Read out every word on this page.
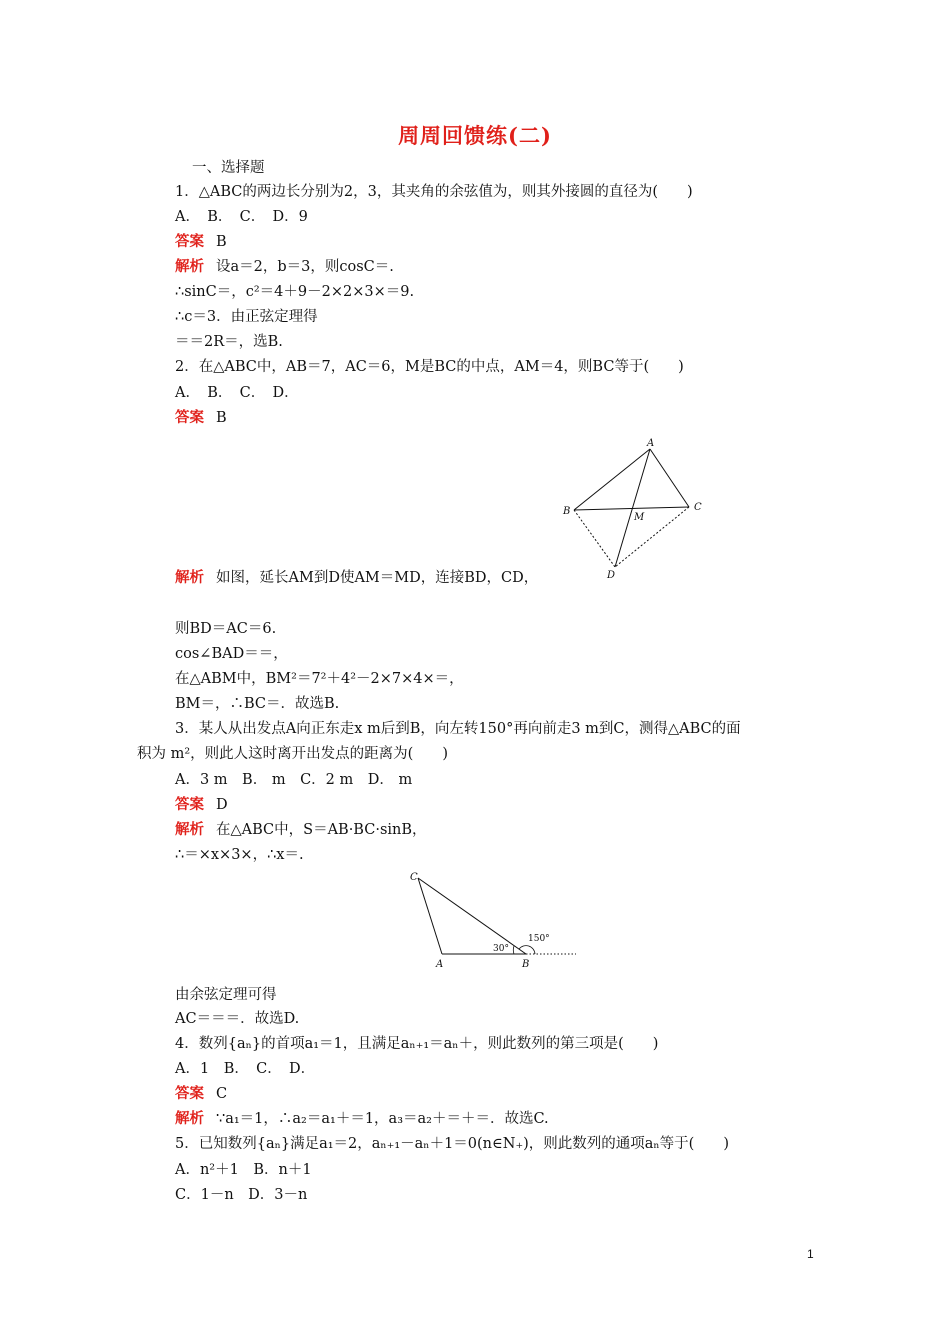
周周回馈练(二)
一、选择题
1．△ABC的两边长分别为2，3，其夹角的余弦值为，则其外接圆的直径为(　　)
A．　B．　C．　D．9
答案 B
解析 设a＝2，b＝3，则cosC＝.
∴sinC＝，c²＝4＋9－2×2×3×＝9.
∴c＝3．由正弦定理得
＝＝2R＝，选B.
2．在△ABC中，AB＝7，AC＝6，M是BC的中点，AM＝4，则BC等于(　　)
A．　B．　C．　D．
答案 B
A
B	C
M
D
解析 如图，延长AM到D使AM＝MD，连接BD，CD，
则BD＝AC＝6.
cos∠BAD＝＝，
在△ABM中，BM²＝7²＋4²－2×7×4×＝，
BM＝，∴BC＝．故选B.
3．某人从出发点A向正东走x m后到B，向左转150°再向前走3 m到C，测得△ABC的面
积为 m²，则此人这时离开出发点的距离为(　　)
A．3 m　B． m　C．2 m　D． m
答案 D
解析 在△ABC中，S＝AB·BC·sinB，
∴＝×x×3×，∴x＝.
C
A	B
30°
150°
由余弦定理可得
AC＝＝＝．故选D.
4．数列{aₙ}的首项a₁＝1，且满足aₙ₊₁＝aₙ＋，则此数列的第三项是(　　)
A．1　B．　C．　D．
答案 C
解析 ∵a₁＝1，∴a₂＝a₁＋＝1，a₃＝a₂＋＝＋＝．故选C.
5．已知数列{aₙ}满足a₁＝2，aₙ₊₁－aₙ＋1＝0(n∈N₊)，则此数列的通项aₙ等于(　　)
A．n²＋1　B．n＋1
C．1－n　D．3－n
1
